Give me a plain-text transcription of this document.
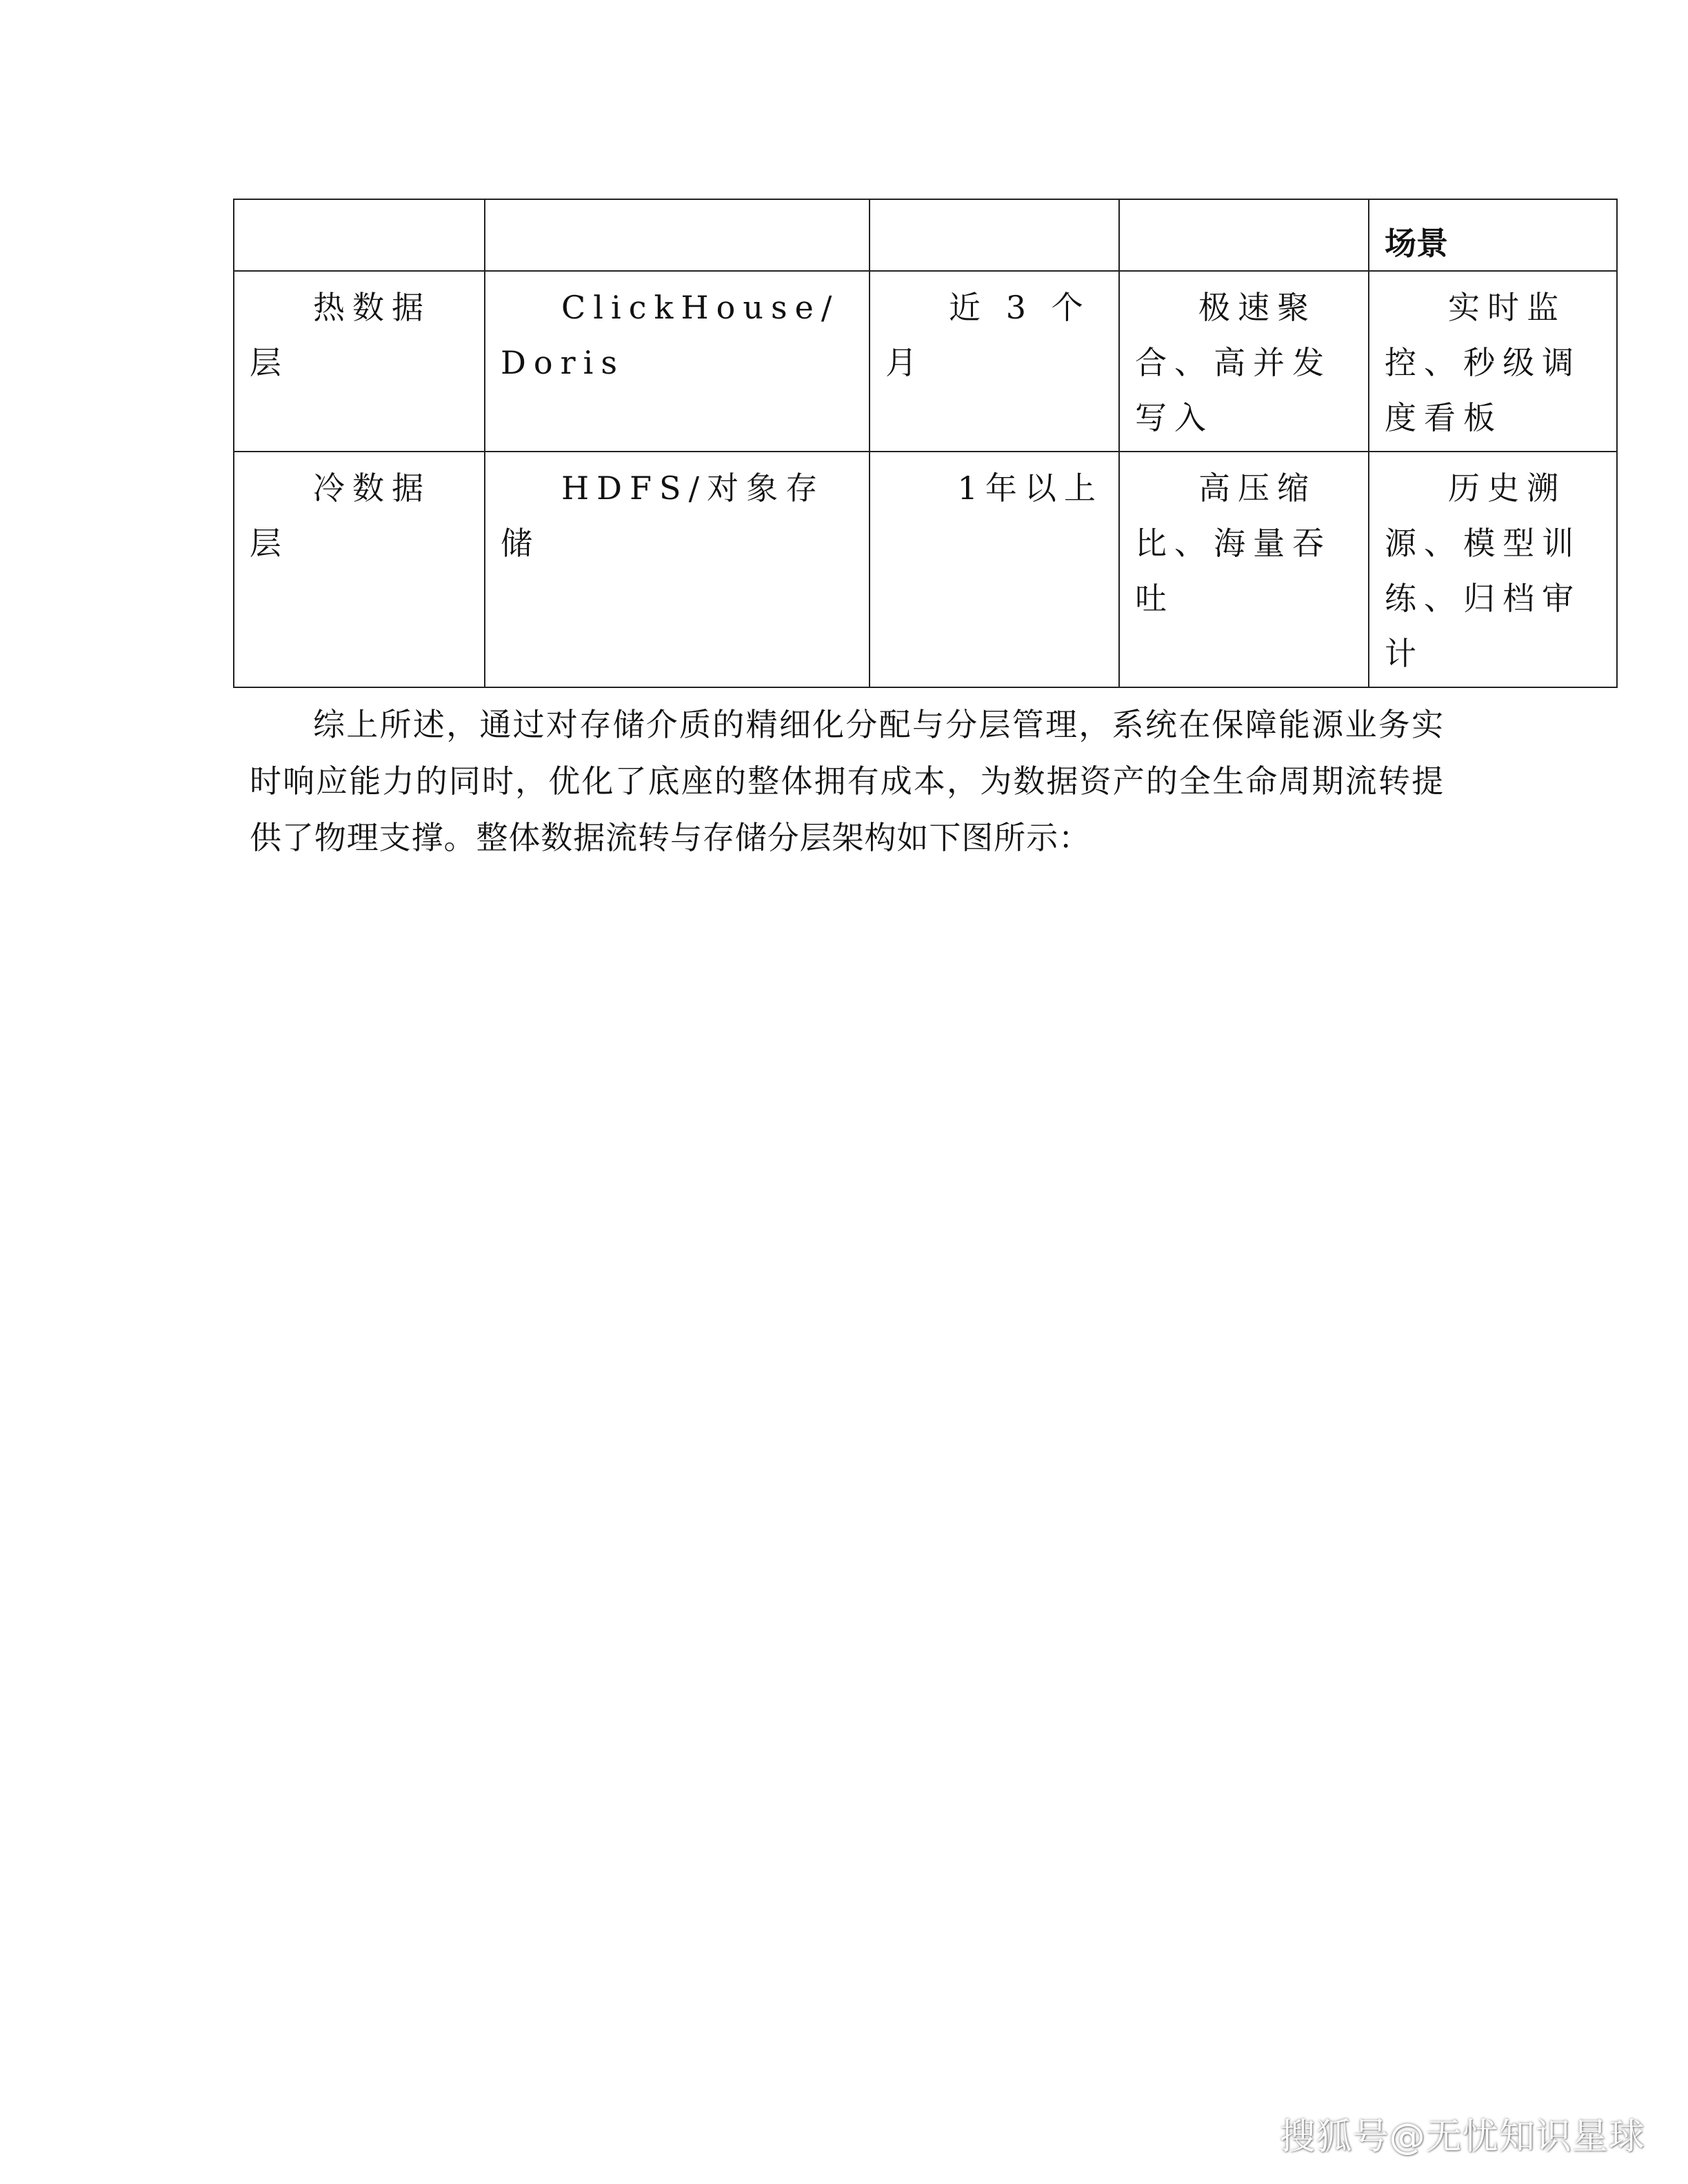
				场景
热数据层	ClickHouse/Doris	近 3 个月	极速聚合、高并发写入	实时监控、秒级调度看板
冷数据层	HDFS/对象存储	1年以上	高压缩比、海量吞吐	历史溯源、模型训练、归档审计

综上所述，通过对存储介质的精细化分配与分层管理，系统在保障能源业务实时响应能力的同时，优化了底座的整体拥有成本，为数据资产的全生命周期流转提供了物理支撑。整体数据流转与存储分层架构如下图所示：

搜狐号@无忧知识星球
